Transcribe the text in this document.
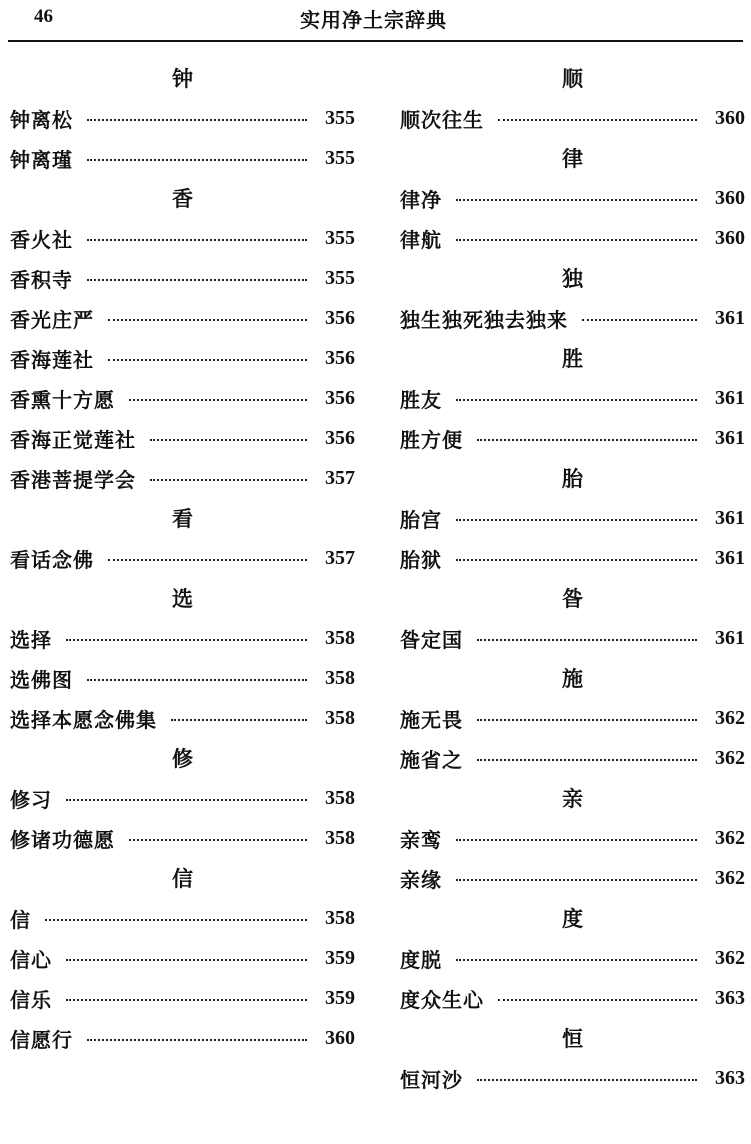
46	实用净土宗辞典
钟
钟离松	355
钟离瑾	355
香
香火社	355
香积寺	355
香光庄严	356
香海莲社	356
香熏十方愿	356
香海正觉莲社	356
香港菩提学会	357
看
看话念佛	357
选
选择	358
选佛图	358
选择本愿念佛集	358
修
修习	358
修诸功德愿	358
信
信	358
信心	359
信乐	359
信愿行	360
顺
顺次往生	360
律
律净	360
律航	360
独
独生独死独去独来	361
胜
胜友	361
胜方便	361
胎
胎宫	361
胎狱	361
昝
昝定国	361
施
施无畏	362
施省之	362
亲
亲鸾	362
亲缘	362
度
度脱	362
度众生心	363
恒
恒河沙	363
